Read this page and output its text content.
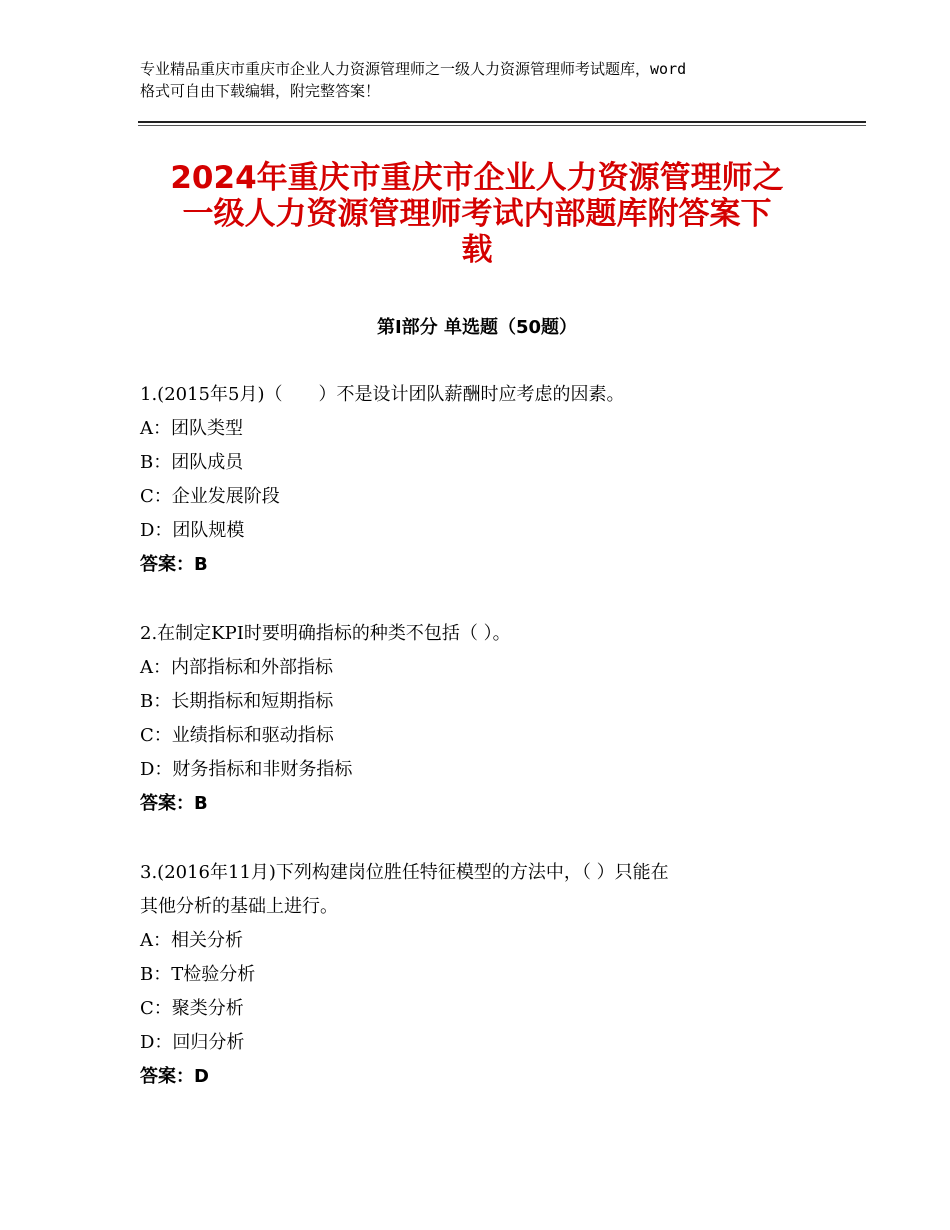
专业精品重庆市重庆市企业人力资源管理师之一级人力资源管理师考试题库，word
格式可自由下载编辑，附完整答案！
2024年重庆市重庆市企业人力资源管理师之
一级人力资源管理师考试内部题库附答案下
载
第Ⅰ部分 单选题（50题）
1.(2015年5月)（　　）不是设计团队薪酬时应考虑的因素。
A：团队类型
B：团队成员
C：企业发展阶段
D：团队规模
答案：B
2.在制定KPI时要明确指标的种类不包括（ ）。
A：内部指标和外部指标
B：长期指标和短期指标
C：业绩指标和驱动指标
D：财务指标和非财务指标
答案：B
3.(2016年11月)下列构建岗位胜任特征模型的方法中，（ ）只能在
其他分析的基础上进行。
A：相关分析
B：T检验分析
C：聚类分析
D：回归分析
答案：D
